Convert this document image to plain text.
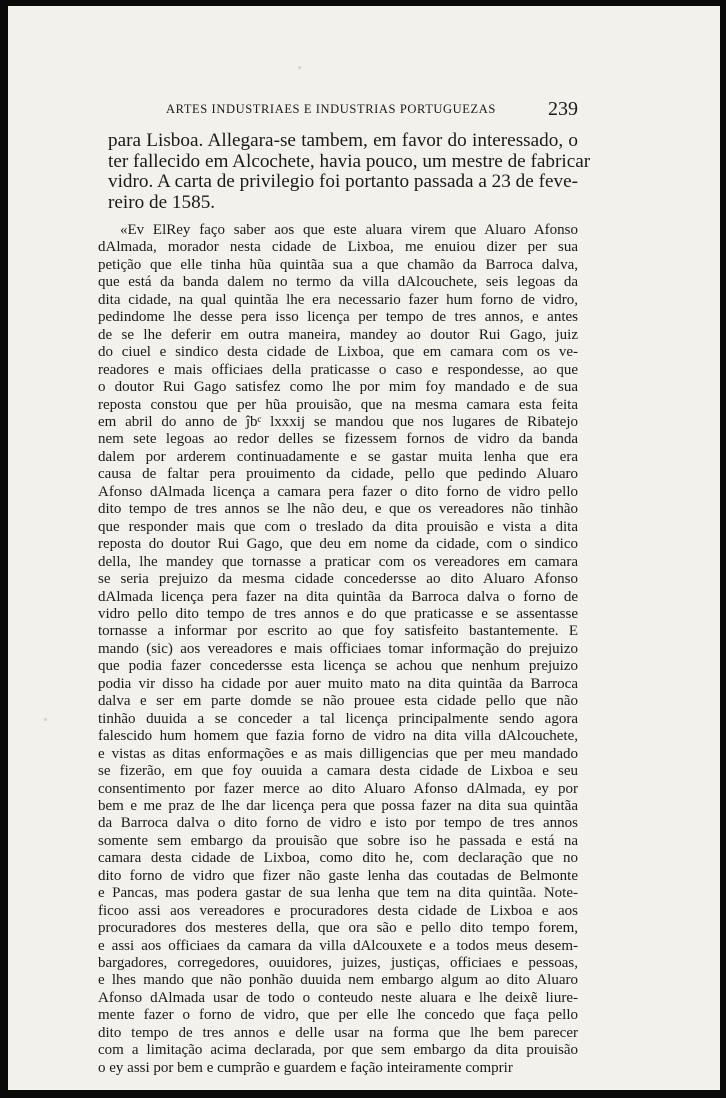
ARTES INDUSTRIAES E INDUSTRIAS PORTUGUEZAS	239
para Lisboa. Allegara-se tambem, em favor do interessado, o
ter fallecido em Alcochete, havia pouco, um mestre de fabricar
vidro. A carta de privilegio foi portanto passada a 23 de feve-
reiro de 1585.
«Ev ElRey faço saber aos que este aluara virem que Aluaro Afonso
dAlmada, morador nesta cidade de Lixboa, me enuiou dizer per sua
petição que elle tinha hũa quintãa sua a que chamão da Barroca dalva,
que está da banda dalem no termo da villa dAlcouchete, seis legoas da
dita cidade, na qual quintãa lhe era necessario fazer hum forno de vidro,
pedindome lhe desse pera isso licença per tempo de tres annos, e antes
de se lhe deferir em outra maneira, mandey ao doutor Rui Gago, juiz
do ciuel e sindico desta cidade de Lixboa, que em camara com os ve-
readores e mais officiaes della praticasse o caso e respondesse, ao que
o doutor Rui Gago satisfez como lhe por mim foy mandado e de sua
reposta constou que per hũa prouisão, que na mesma camara esta feita
em abril do anno de ĵbᶜ lxxxij se mandou que nos lugares de Ribatejo
nem sete legoas ao redor delles se fizessem fornos de vidro da banda
dalem por arderem continuadamente e se gastar muita lenha que era
causa de faltar pera prouimento da cidade, pello que pedindo Aluaro
Afonso dAlmada licença a camara pera fazer o dito forno de vidro pello
dito tempo de tres annos se lhe não deu, e que os vereadores não tinhão
que responder mais que com o treslado da dita prouisão e vista a dita
reposta do doutor Rui Gago, que deu em nome da cidade, com o sindico
della, lhe mandey que tornasse a praticar com os vereadores em camara
se seria prejuizo da mesma cidade concedersse ao dito Aluaro Afonso
dAlmada licença pera fazer na dita quintãa da Barroca dalva o forno de
vidro pello dito tempo de tres annos e do que praticasse e se assentasse
tornasse a informar por escrito ao que foy satisfeito bastantemente. E
mando (sic) aos vereadores e mais officiaes tomar informação do prejuizo
que podia fazer concedersse esta licença se achou que nenhum prejuizo
podia vir disso ha cidade por auer muito mato na dita quintãa da Barroca
dalva e ser em parte domde se não prouee esta cidade pello que não
tinhão duuida a se conceder a tal licença principalmente sendo agora
falescido hum homem que fazia forno de vidro na dita villa dAlcouchete,
e vistas as ditas enformações e as mais dilligencias que per meu mandado
se fizerão, em que foy ouuida a camara desta cidade de Lixboa e seu
consentimento por fazer merce ao dito Aluaro Afonso dAlmada, ey por
bem e me praz de lhe dar licença pera que possa fazer na dita sua quintãa
da Barroca dalva o dito forno de vidro e isto por tempo de tres annos
somente sem embargo da prouisão que sobre iso he passada e está na
camara desta cidade de Lixboa, como dito he, com declaração que no
dito forno de vidro que fizer não gaste lenha das coutadas de Belmonte
e Pancas, mas podera gastar de sua lenha que tem na dita quintãa. Note-
ficoo assi aos vereadores e procuradores desta cidade de Lixboa e aos
procuradores dos mesteres della, que ora são e pello dito tempo forem,
e assi aos officiaes da camara da villa dAlcouxete e a todos meus desem-
bargadores, corregedores, ouuidores, juizes, justiças, officiaes e pessoas,
e lhes mando que não ponhão duuida nem embargo algum ao dito Aluaro
Afonso dAlmada usar de todo o conteudo neste aluara e lhe deixẽ liure-
mente fazer o forno de vidro, que per elle lhe concedo que faça pello
dito tempo de tres annos e delle usar na forma que lhe bem parecer
com a limitação acima declarada, por que sem embargo da dita prouisão
o ey assi por bem e cumprão e guardem e fação inteiramente comprir
